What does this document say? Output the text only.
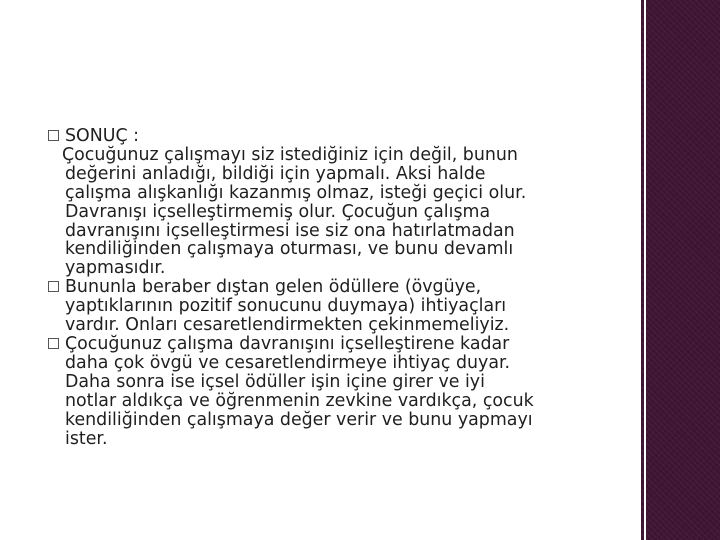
SONUÇ :
Çocuğunuz çalışmayı siz istediğiniz için değil, bunun
değerini anladığı, bildiği için yapmalı. Aksi halde
çalışma alışkanlığı kazanmış olmaz, isteği geçici olur.
Davranışı içselleştirmemiş olur. Çocuğun çalışma
davranışını içselleştirmesi ise siz ona hatırlatmadan
kendiliğinden çalışmaya oturması, ve bunu devamlı
yapmasıdır.
Bununla beraber dıştan gelen ödüllere (övgüye,
yaptıklarının pozitif sonucunu duymaya) ihtiyaçları
vardır. Onları cesaretlendirmekten çekinmemeliyiz.
Çocuğunuz çalışma davranışını içselleştirene kadar
daha çok övgü ve cesaretlendirmeye ihtiyaç duyar.
Daha sonra ise içsel ödüller işin içine girer ve iyi
notlar aldıkça ve öğrenmenin zevkine vardıkça, çocuk
kendiliğinden çalışmaya değer verir ve bunu yapmayı
ister.
